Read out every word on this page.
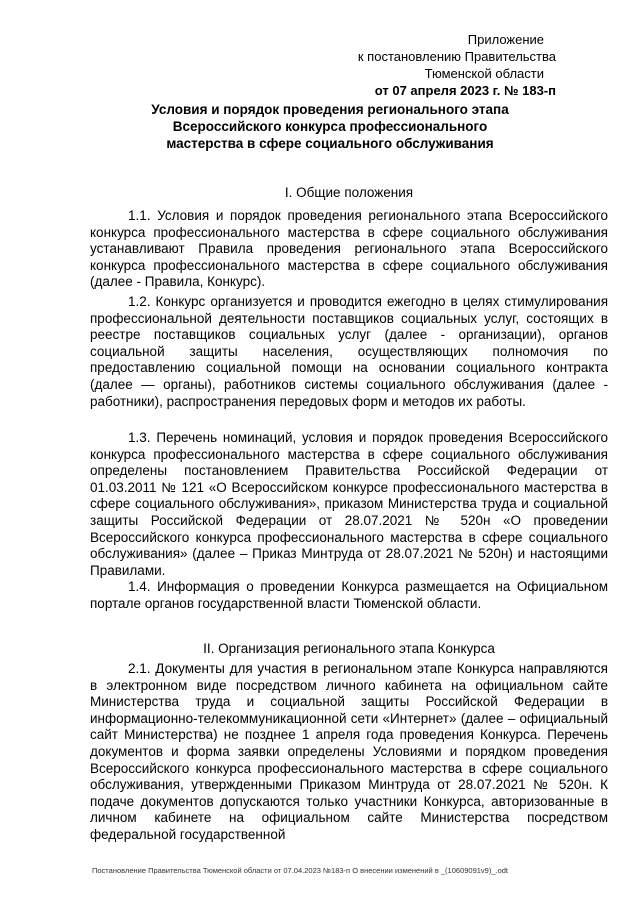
Приложение
к постановлению Правительства
Тюменской области
от 07 апреля 2023 г. № 183-п
Условия и порядок проведения регионального этапа Всероссийского конкурса профессионального мастерства в сфере социального обслуживания
I. Общие положения
1.1. Условия и порядок проведения регионального этапа Всероссийского конкурса профессионального мастерства в сфере социального обслуживания устанавливают Правила проведения регионального этапа Всероссийского конкурса профессионального мастерства в сфере социального обслуживания (далее - Правила, Конкурс).
1.2. Конкурс организуется и проводится ежегодно в целях стимулирования профессиональной деятельности поставщиков социальных услуг, состоящих в реестре поставщиков социальных услуг (далее - организации), органов социальной защиты населения, осуществляющих полномочия по предоставлению социальной помощи на основании социального контракта (далее — органы), работников системы социального обслуживания (далее - работники), распространения передовых форм и методов их работы.
1.3. Перечень номинаций, условия и порядок проведения Всероссийского конкурса профессионального мастерства в сфере социального обслуживания определены постановлением Правительства Российской Федерации от 01.03.2011 № 121 «О Всероссийском конкурсе профессионального мастерства в сфере социального обслуживания», приказом Министерства труда и социальной защиты Российской Федерации от 28.07.2021 № 520н «О проведении Всероссийского конкурса профессионального мастерства в сфере социального обслуживания» (далее – Приказ Минтруда от 28.07.2021 № 520н) и настоящими Правилами.
1.4. Информация о проведении Конкурса размещается на Официальном портале органов государственной власти Тюменской области.
II. Организация регионального этапа Конкурса
2.1. Документы для участия в региональном этапе Конкурса направляются в электронном виде посредством личного кабинета на официальном сайте Министерства труда и социальной защиты Российской Федерации в информационно-телекоммуникационной сети «Интернет» (далее – официальный сайт Министерства) не позднее 1 апреля года проведения Конкурса. Перечень документов и форма заявки определены Условиями и порядком проведения Всероссийского конкурса профессионального мастерства в сфере социального обслуживания, утвержденными Приказом Минтруда от 28.07.2021 № 520н. К подаче документов допускаются только участники Конкурса, авторизованные в личном кабинете на официальном сайте Министерства посредством федеральной государственной
Постановление Правительства Тюменской области от 07.04.2023 №183-п О внесении изменений в _(10609091v9)_.odt
